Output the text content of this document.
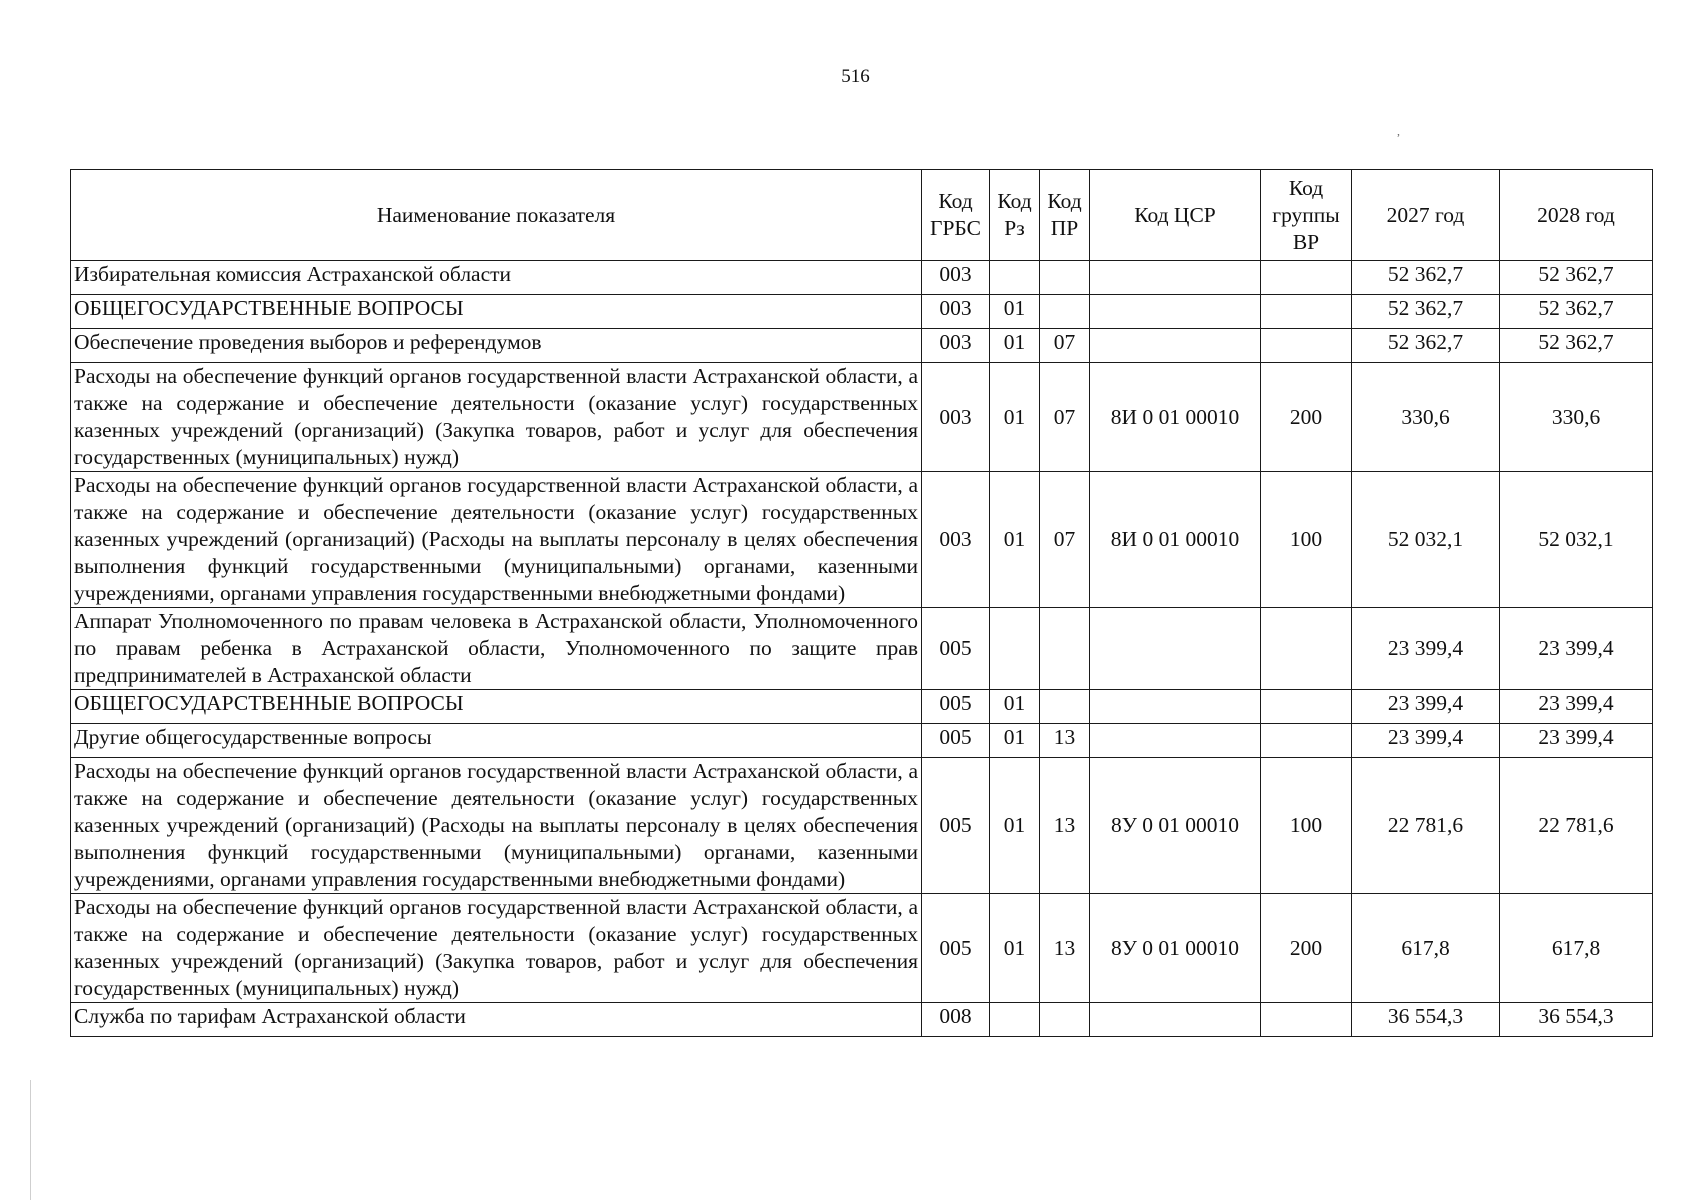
516
,
Наименование показателя	Код ГРБС	Код Рз	Код ПР	Код ЦСР	Код группы ВР	2027 год	2028 год
Избирательная комиссия Астраханской области	003					52 362,7	52 362,7
ОБЩЕГОСУДАРСТВЕННЫЕ ВОПРОСЫ	003	01				52 362,7	52 362,7
Обеспечение проведения выборов и референдумов	003	01	07			52 362,7	52 362,7
Расходы на обеспечение функций органов государственной власти Астраханской области, а также на содержание и обеспечение деятельности (оказание услуг) государственных казенных учреждений (организаций) (Закупка товаров, работ и услуг для обеспечения государственных (муниципальных) нужд)	003	01	07	8И 0 01 00010	200	330,6	330,6
Расходы на обеспечение функций органов государственной власти Астраханской области, а также на содержание и обеспечение деятельности (оказание услуг) государственных казенных учреждений (организаций) (Расходы на выплаты персоналу в целях обеспечения выполнения функций государственными (муниципальными) органами, казенными учреждениями, органами управления государственными внебюджетными фондами)	003	01	07	8И 0 01 00010	100	52 032,1	52 032,1
Аппарат Уполномоченного по правам человека в Астраханской области, Уполномоченного по правам ребенка в Астраханской области, Уполномоченного по защите прав предпринимателей в Астраханской области	005					23 399,4	23 399,4
ОБЩЕГОСУДАРСТВЕННЫЕ ВОПРОСЫ	005	01				23 399,4	23 399,4
Другие общегосударственные вопросы	005	01	13			23 399,4	23 399,4
Расходы на обеспечение функций органов государственной власти Астраханской области, а также на содержание и обеспечение деятельности (оказание услуг) государственных казенных учреждений (организаций) (Расходы на выплаты персоналу в целях обеспечения выполнения функций государственными (муниципальными) органами, казенными учреждениями, органами управления государственными внебюджетными фондами)	005	01	13	8У 0 01 00010	100	22 781,6	22 781,6
Расходы на обеспечение функций органов государственной власти Астраханской области, а также на содержание и обеспечение деятельности (оказание услуг) государственных казенных учреждений (организаций) (Закупка товаров, работ и услуг для обеспечения государственных (муниципальных) нужд)	005	01	13	8У 0 01 00010	200	617,8	617,8
Служба по тарифам Астраханской области	008					36 554,3	36 554,3
